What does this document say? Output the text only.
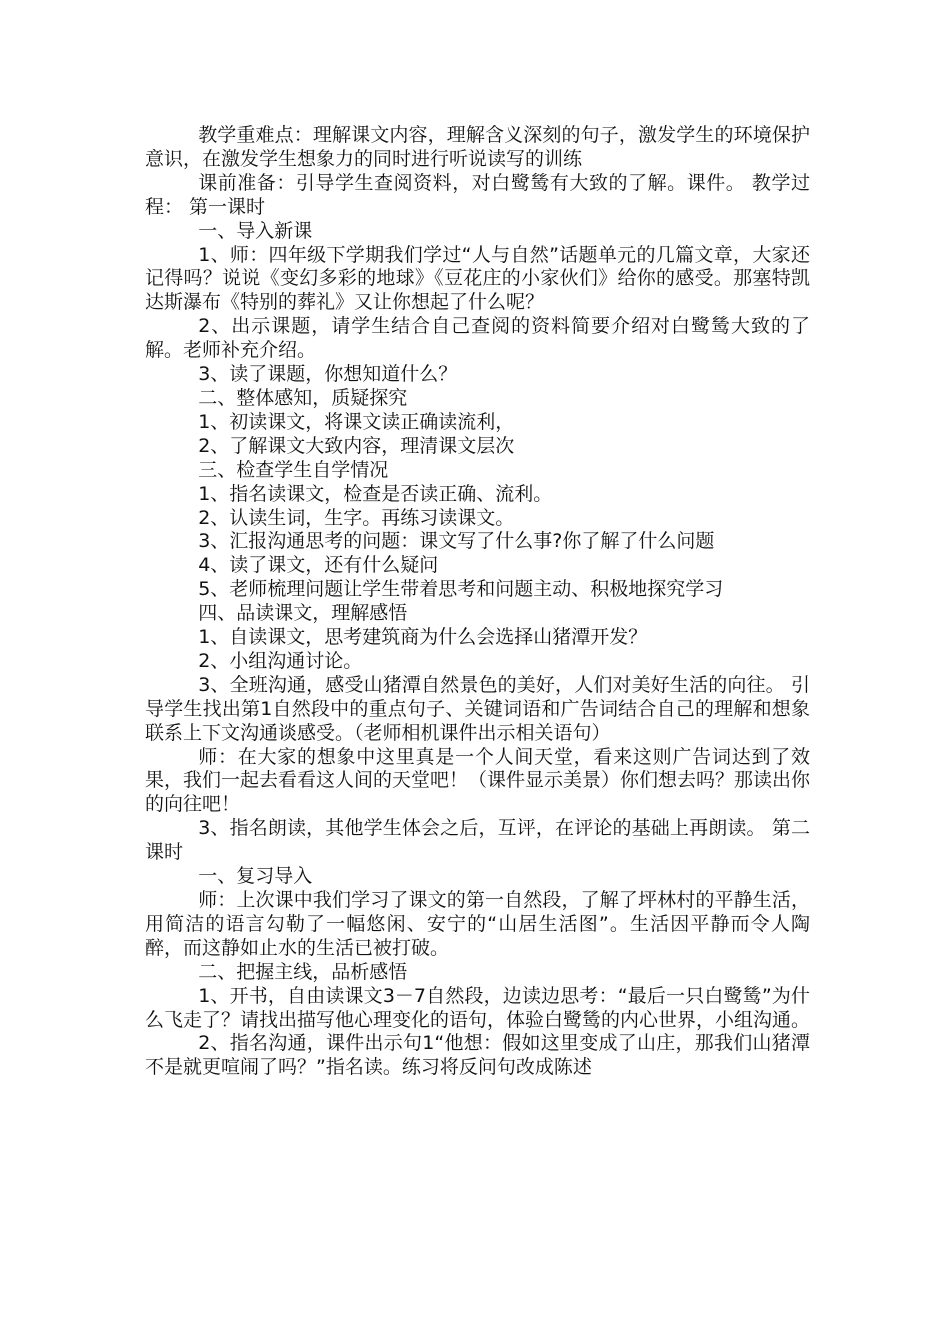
教学重难点：理解课文内容，理解含义深刻的句子，激发学生的环境保护意识，在激发学生想象力的同时进行听说读写的训练

课前准备：引导学生查阅资料，对白鹭鸶有大致的了解。课件。 教学过程： 第一课时

一、导入新课

1、师：四年级下学期我们学过“人与自然”话题单元的几篇文章，大家还记得吗？说说《变幻多彩的地球》《豆花庄的小家伙们》给你的感受。那塞特凯达斯瀑布《特别的葬礼》又让你想起了什么呢？

2、出示课题，请学生结合自己查阅的资料简要介绍对白鹭鸶大致的了解。老师补充介绍。

3、读了课题，你想知道什么？

二、整体感知，质疑探究

1、初读课文，将课文读正确读流利，

2、了解课文大致内容，理清课文层次

三、检查学生自学情况

1、指名读课文，检查是否读正确、流利。

2、认读生词，生字。再练习读课文。

3、汇报沟通思考的问题：课文写了什么事?你了解了什么问题

4、读了课文，还有什么疑问

5、老师梳理问题让学生带着思考和问题主动、积极地探究学习

四、品读课文，理解感悟

1、自读课文，思考建筑商为什么会选择山猪潭开发？

2、小组沟通讨论。

3、全班沟通，感受山猪潭自然景色的美好，人们对美好生活的向往。 引导学生找出第1自然段中的重点句子、关键词语和广告词结合自己的理解和想象联系上下文沟通谈感受。（老师相机课件出示相关语句）

师：在大家的想象中这里真是一个人间天堂，看来这则广告词达到了效果，我们一起去看看这人间的天堂吧！（课件显示美景）你们想去吗？那读出你的向往吧！

3、指名朗读，其他学生体会之后，互评，在评论的基础上再朗读。 第二课时

一、复习导入

师：上次课中我们学习了课文的第一自然段，了解了坪林村的平静生活，用简洁的语言勾勒了一幅悠闲、安宁的“山居生活图”。生活因平静而令人陶醉，而这静如止水的生活已被打破。

二、把握主线，品析感悟

1、开书，自由读课文3－7自然段，边读边思考：“最后一只白鹭鸶”为什么飞走了？请找出描写他心理变化的语句，体验白鹭鸶的内心世界，小组沟通。

2、指名沟通，课件出示句1“他想：假如这里变成了山庄，那我们山猪潭不是就更喧闹了吗？”指名读。练习将反问句改成陈述
